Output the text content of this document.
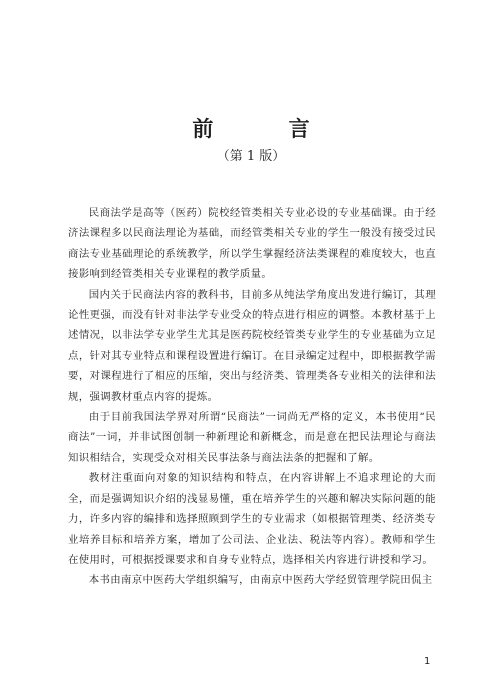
前 言

（第 1 版）

民商法学是高等（医药）院校经管类相关专业必设的专业基础课。由于经济法课程多以民商法理论为基础，而经管类相关专业的学生一般没有接受过民商法专业基础理论的系统教学，所以学生掌握经济法类课程的难度较大，也直接影响到经管类相关专业课程的教学质量。

国内关于民商法内容的教科书，目前多从纯法学角度出发进行编订，其理论性更强，而没有针对非法学专业受众的特点进行相应的调整。本教材基于上述情况，以非法学专业学生尤其是医药院校经管类专业学生的专业基础为立足点，针对其专业特点和课程设置进行编订。在目录编定过程中，即根据教学需要，对课程进行了相应的压缩，突出与经济类、管理类各专业相关的法律和法规，强调教材重点内容的提炼。

由于目前我国法学界对所谓“民商法”一词尚无严格的定义，本书使用“民商法”一词，并非试图创制一种新理论和新概念，而是意在把民法理论与商法知识相结合，实现受众对相关民事法条与商法法条的把握和了解。

教材注重面向对象的知识结构和特点，在内容讲解上不追求理论的大而全，而是强调知识介绍的浅显易懂，重在培养学生的兴趣和解决实际问题的能力，许多内容的编排和选择照顾到学生的专业需求（如根据管理类、经济类专业培养目标和培养方案，增加了公司法、企业法、税法等内容）。教师和学生在使用时，可根据授课要求和自身专业特点，选择相关内容进行讲授和学习。

本书由南京中医药大学组织编写，由南京中医药大学经贸管理学院田侃主

1
